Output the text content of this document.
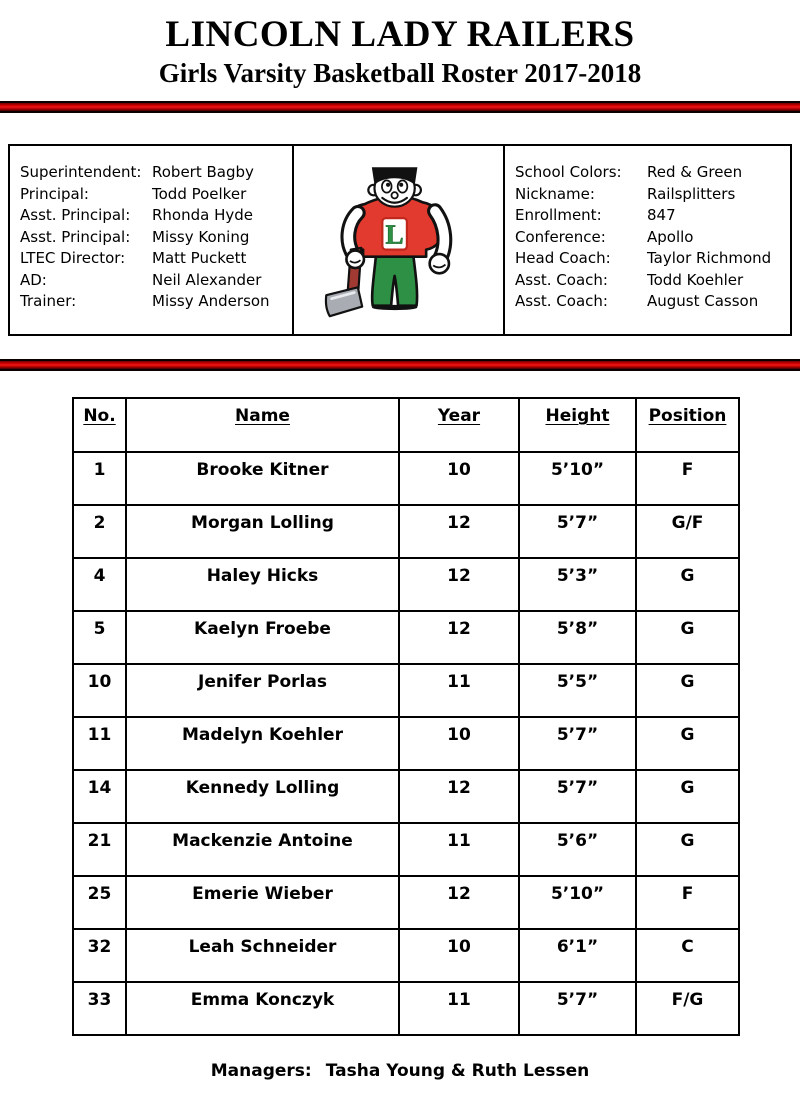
LINCOLN LADY RAILERS
Girls Varsity Basketball Roster 2017-2018
Superintendent: Robert Bagby
Principal:	Todd Poelker
Asst. Principal:	Rhonda Hyde
Asst. Principal:	Missy Koning
LTEC Director:	Matt Puckett
AD:	Neil Alexander
Trainer:	Missy Anderson
L
School Colors:	Red & Green
Nickname:	Railsplitters
Enrollment:	847
Conference:	Apollo
Head Coach:	Taylor Richmond
Asst. Coach:	Todd Koehler
Asst. Coach:	August Casson
No.	Name	Year	Height	Position
1	Brooke Kitner	10	5’10”	F
2	Morgan Lolling	12	5’7”	G/F
4	Haley Hicks	12	5’3”	G
5	Kaelyn Froebe	12	5’8”	G
10	Jenifer Porlas	11	5’5”	G
11	Madelyn Koehler	10	5’7”	G
14	Kennedy Lolling	12	5’7”	G
21	Mackenzie Antoine	11	5’6”	G
25	Emerie Wieber	12	5’10”	F
32	Leah Schneider	10	6’1”	C
33	Emma Konczyk	11	5’7”	F/G
Managers: Tasha Young & Ruth Lessen
